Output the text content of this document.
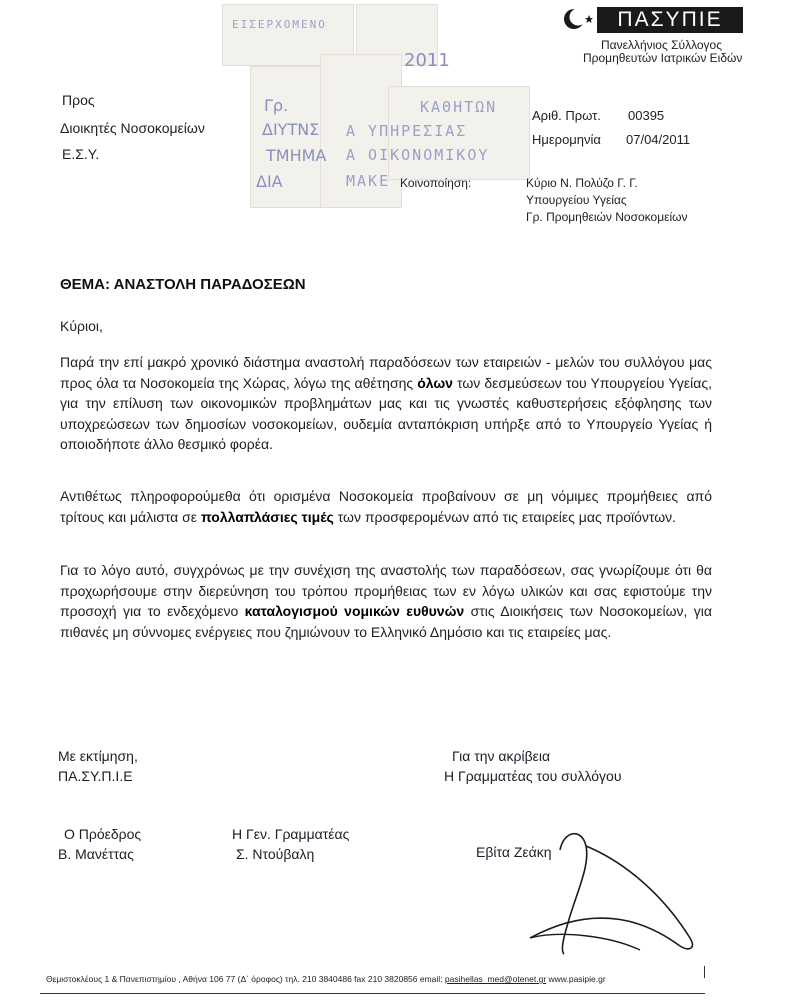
ΠΑΣΥΠΙΕ
Πανελλήνιος Σύλλογος
Προμηθευτών Ιατρικών Ειδών
ΕΙΣΕΡΧΟΜΕΝΟ
2011
Γρ.
ΔΙΥΤΝΣ
ΤΜΗΜΑ
ΔΙΑ
ΚΑΘΗΤΩΝ
Α ΥΠΗΡΕΣΙΑΣ
Α ΟΙΚΟΝΟΜΙΚΟΥ
ΜΑΚΕ
Προς
Διοικητές Νοσοκομείων
Ε.Σ.Υ.
Αριθ. Πρωτ. 00395
Ημερομηνία 07/04/2011
Κοινοποίηση:	Κύριο Ν. Πολύζο Γ. Γ.
Υπουργείου Υγείας
Γρ. Προμηθειών Νοσοκομείων
ΘΕΜΑ: ΑΝΑΣΤΟΛΗ ΠΑΡΑΔΟΣΕΩΝ
Κύριοι,
Παρά την επί μακρό χρονικό διάστημα αναστολή παραδόσεων των εταιρειών - μελών του συλλόγου μας προς όλα τα Νοσοκομεία της Χώρας, λόγω της αθέτησης όλων των δεσμεύσεων του Υπουργείου Υγείας, για την επίλυση των οικονομικών προβλημάτων μας και τις γνωστές καθυστερήσεις εξόφλησης των υποχρεώσεων των δημοσίων νοσοκομείων, ουδεμία ανταπόκριση υπήρξε από το Υπουργείο Υγείας ή οποιοδήποτε άλλο θεσμικό φορέα.
Αντιθέτως πληροφορούμεθα ότι ορισμένα Νοσοκομεία προβαίνουν σε μη νόμιμες προμήθειες από τρίτους και μάλιστα σε πολλαπλάσιες τιμές των προσφερομένων από τις εταιρείες μας προϊόντων.
Για το λόγο αυτό, συγχρόνως με την συνέχιση της αναστολής των παραδόσεων, σας γνωρίζουμε ότι θα προχωρήσουμε στην διερεύνηση του τρόπου προμήθειας των εν λόγω υλικών και σας εφιστούμε την προσοχή για το ενδεχόμενο καταλογισμού νομικών ευθυνών στις Διοικήσεις των Νοσοκομείων, για πιθανές μη σύννομες ενέργειες που ζημιώνουν το Ελληνικό Δημόσιο και τις εταιρείες μας.
Με εκτίμηση,
ΠΑ.ΣΥ.Π.Ι.Ε
Για την ακρίβεια
Η Γραμματέας του συλλόγου
Ο Πρόεδρος
Β. Μανέττας
Η Γεν. Γραμματέας
Σ. Ντούβαλη	Εβίτα Ζεάκη
Θεμιστοκλέους 1 & Πανεπιστημίου , Αθήνα 106 77 (Δ΄ όροφος) τηλ. 210 3840486 fax 210 3820856 email: pasihellas_med@otenet.gr www.pasipie.gr
